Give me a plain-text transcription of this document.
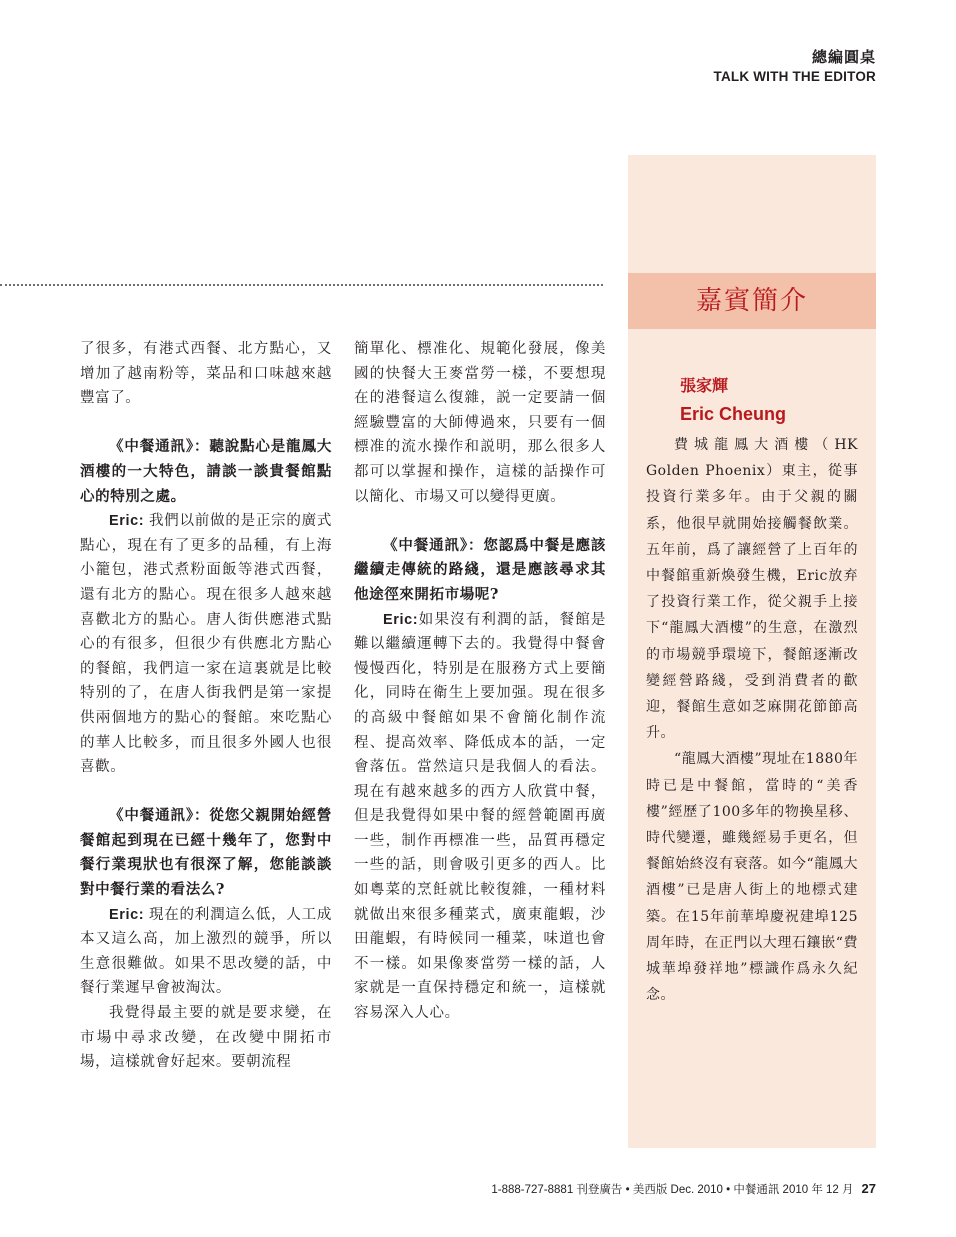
總編圓桌
TALK WITH THE EDITOR

了很多，有港式西餐、北方點心，又增加了越南粉等，菜品和口味越來越豐富了。

《中餐通訊》：聽說點心是龍鳳大酒樓的一大特色，請談一談貴餐館點心的特別之處。

Eric: 我們以前做的是正宗的廣式點心，現在有了更多的品種，有上海小籠包，港式煮粉面飯等港式西餐，還有北方的點心。現在很多人越來越喜歡北方的點心。唐人街供應港式點心的有很多，但很少有供應北方點心的餐館，我們這一家在這裏就是比較特别的了，在唐人街我們是第一家提供兩個地方的點心的餐館。來吃點心的華人比較多，而且很多外國人也很喜歡。

《中餐通訊》：從您父親開始經營餐館起到現在已經十幾年了，您對中餐行業現狀也有很深了解，您能談談對中餐行業的看法么?

Eric: 現在的利潤這么低，人工成本又這么高，加上激烈的競爭，所以生意很難做。如果不思改變的話，中餐行業遲早會被淘汰。

我覺得最主要的就是要求變，在市場中尋求改變，在改變中開拓市場，這樣就會好起來。要朝流程

簡單化、標准化、規範化發展，像美國的快餐大王麥當勞一樣，不要想現在的港餐這么復雜，説一定要請一個經驗豐富的大師傅過來，只要有一個標准的流水操作和説明，那么很多人都可以掌握和操作，這樣的話操作可以簡化、市場又可以變得更廣。

《中餐通訊》：您認爲中餐是應該繼續走傳統的路綫，還是應該尋求其他途徑來開拓市場呢?

Eric:如果沒有利潤的話，餐館是難以繼續運轉下去的。我覺得中餐會慢慢西化，特别是在服務方式上要簡化，同時在衛生上要加强。現在很多的高級中餐館如果不會簡化制作流程、提高效率、降低成本的話，一定會落伍。當然這只是我個人的看法。現在有越來越多的西方人欣賞中餐，但是我覺得如果中餐的經營範圍再廣一些，制作再標准一些，品質再穩定一些的話，則會吸引更多的西人。比如粵菜的烹飪就比較復雜，一種材料就做出來很多種菜式，廣東龍蝦，沙田龍蝦，有時候同一種菜，味道也會不一樣。如果像麥當勞一樣的話，人家就是一直保持穩定和統一，這樣就容易深入人心。

嘉賓簡介
張家輝
Eric Cheung

費城龍鳳大酒樓（HK Golden Phoenix）東主，從事投資行業多年。由于父親的關系，他很早就開始接觸餐飲業。五年前，爲了讓經營了上百年的中餐館重新煥發生機，Eric放弃了投資行業工作，從父親手上接下“龍鳳大酒樓”的生意，在激烈的市場競爭環境下，餐館逐漸改變經營路綫，受到消費者的歡迎，餐館生意如芝麻開花節節高升。

“龍鳳大酒樓”現址在1880年時已是中餐館，當時的“美香樓”經歷了100多年的物換星移、時代變遷，雖幾經易手更名，但餐館始終沒有衰落。如今“龍鳳大酒樓”已是唐人街上的地標式建築。在15年前華埠慶祝建埠125周年時，在正門以大理石鑲嵌“費城華埠發祥地”標識作爲永久紀念。

1-888-727-8881 刊登廣告 • 美西版 Dec. 2010 • 中餐通訊 2010 年 12 月 27
